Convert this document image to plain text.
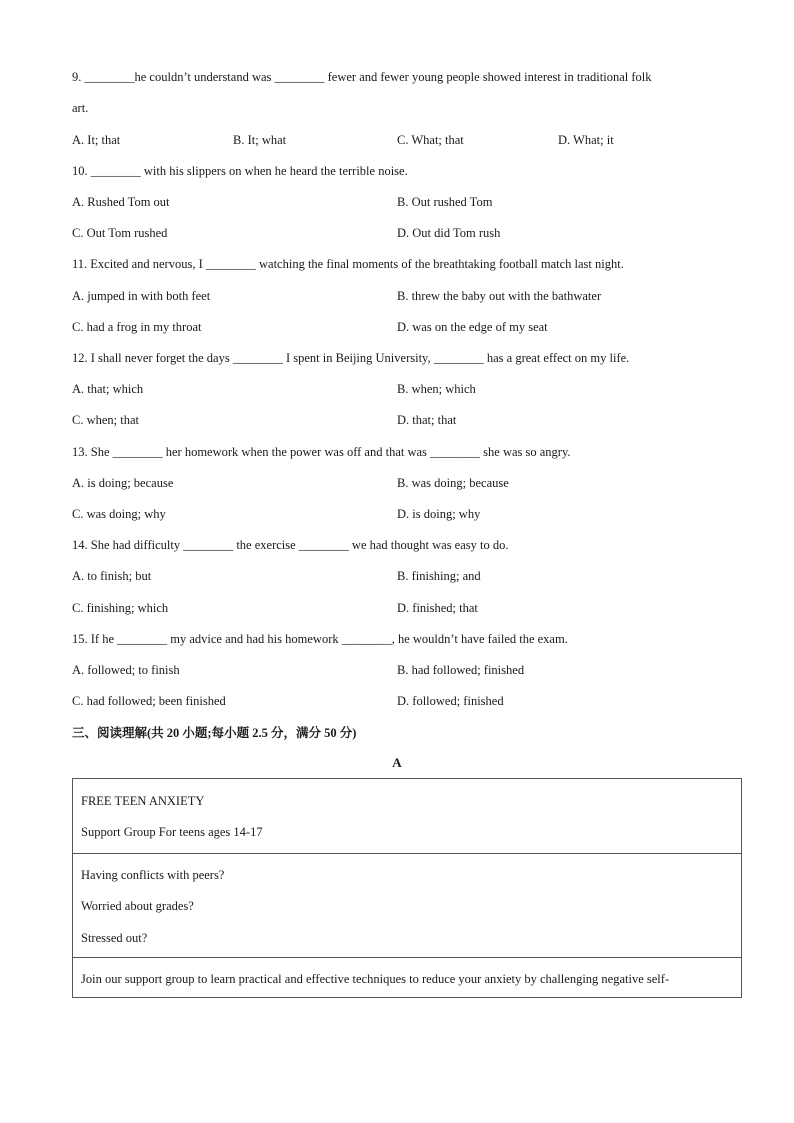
9. ________he couldn’t understand was ________ fewer and fewer young people showed interest in traditional folk
art.
A. It; that	B. It; what	C. What; that	D. What; it
10. ________ with his slippers on when he heard the terrible noise.
A. Rushed Tom out	B. Out rushed Tom
C. Out Tom rushed	D. Out did Tom rush
11. Excited and nervous, I ________ watching the final moments of the breathtaking football match last night.
A. jumped in with both feet	B. threw the baby out with the bathwater
C. had a frog in my throat	D. was on the edge of my seat
12. I shall never forget the days ________ I spent in Beijing University, ________ has a great effect on my life.
A. that; which	B. when; which
C. when; that	D. that; that
13. She ________ her homework when the power was off and that was ________ she was so angry.
A. is doing; because	B. was doing; because
C. was doing; why	D. is doing; why
14. She had difficulty ________ the exercise ________ we had thought was easy to do.
A. to finish; but	B. finishing; and
C. finishing; which	D. finished; that
15. If he ________ my advice and had his homework ________, he wouldn’t have failed the exam.
A. followed; to finish	B. had followed; finished
C. had followed; been finished	D. followed; finished
三、阅读理解(共 20 小题;每小题 2.5 分，满分 50 分)
A
FREE TEEN ANXIETY
Support Group For teens ages 14-17
Having conflicts with peers?
Worried about grades?
Stressed out?
Join our support group to learn practical and effective techniques to reduce your anxiety by challenging negative self-
